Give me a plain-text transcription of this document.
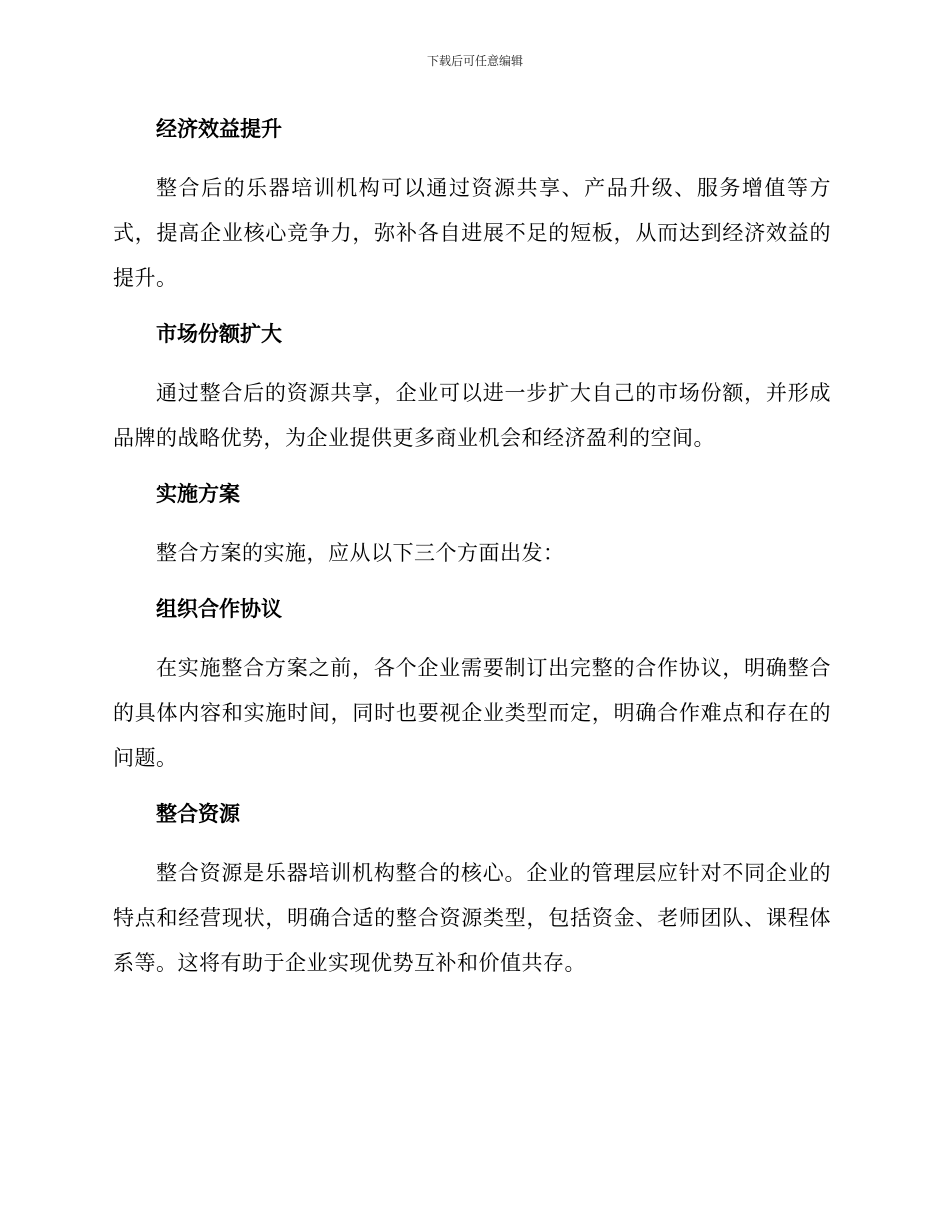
下载后可任意编辑
经济效益提升

整合后的乐器培训机构可以通过资源共享、产品升级、服务增值等方式，提高企业核心竞争力，弥补各自进展不足的短板，从而达到经济效益的提升。

市场份额扩大

通过整合后的资源共享，企业可以进一步扩大自己的市场份额，并形成品牌的战略优势，为企业提供更多商业机会和经济盈利的空间。

实施方案

整合方案的实施，应从以下三个方面出发：

组织合作协议

在实施整合方案之前，各个企业需要制订出完整的合作协议，明确整合的具体内容和实施时间，同时也要视企业类型而定，明确合作难点和存在的问题。

整合资源

整合资源是乐器培训机构整合的核心。企业的管理层应针对不同企业的特点和经营现状，明确合适的整合资源类型，包括资金、老师团队、课程体系等。这将有助于企业实现优势互补和价值共存。
